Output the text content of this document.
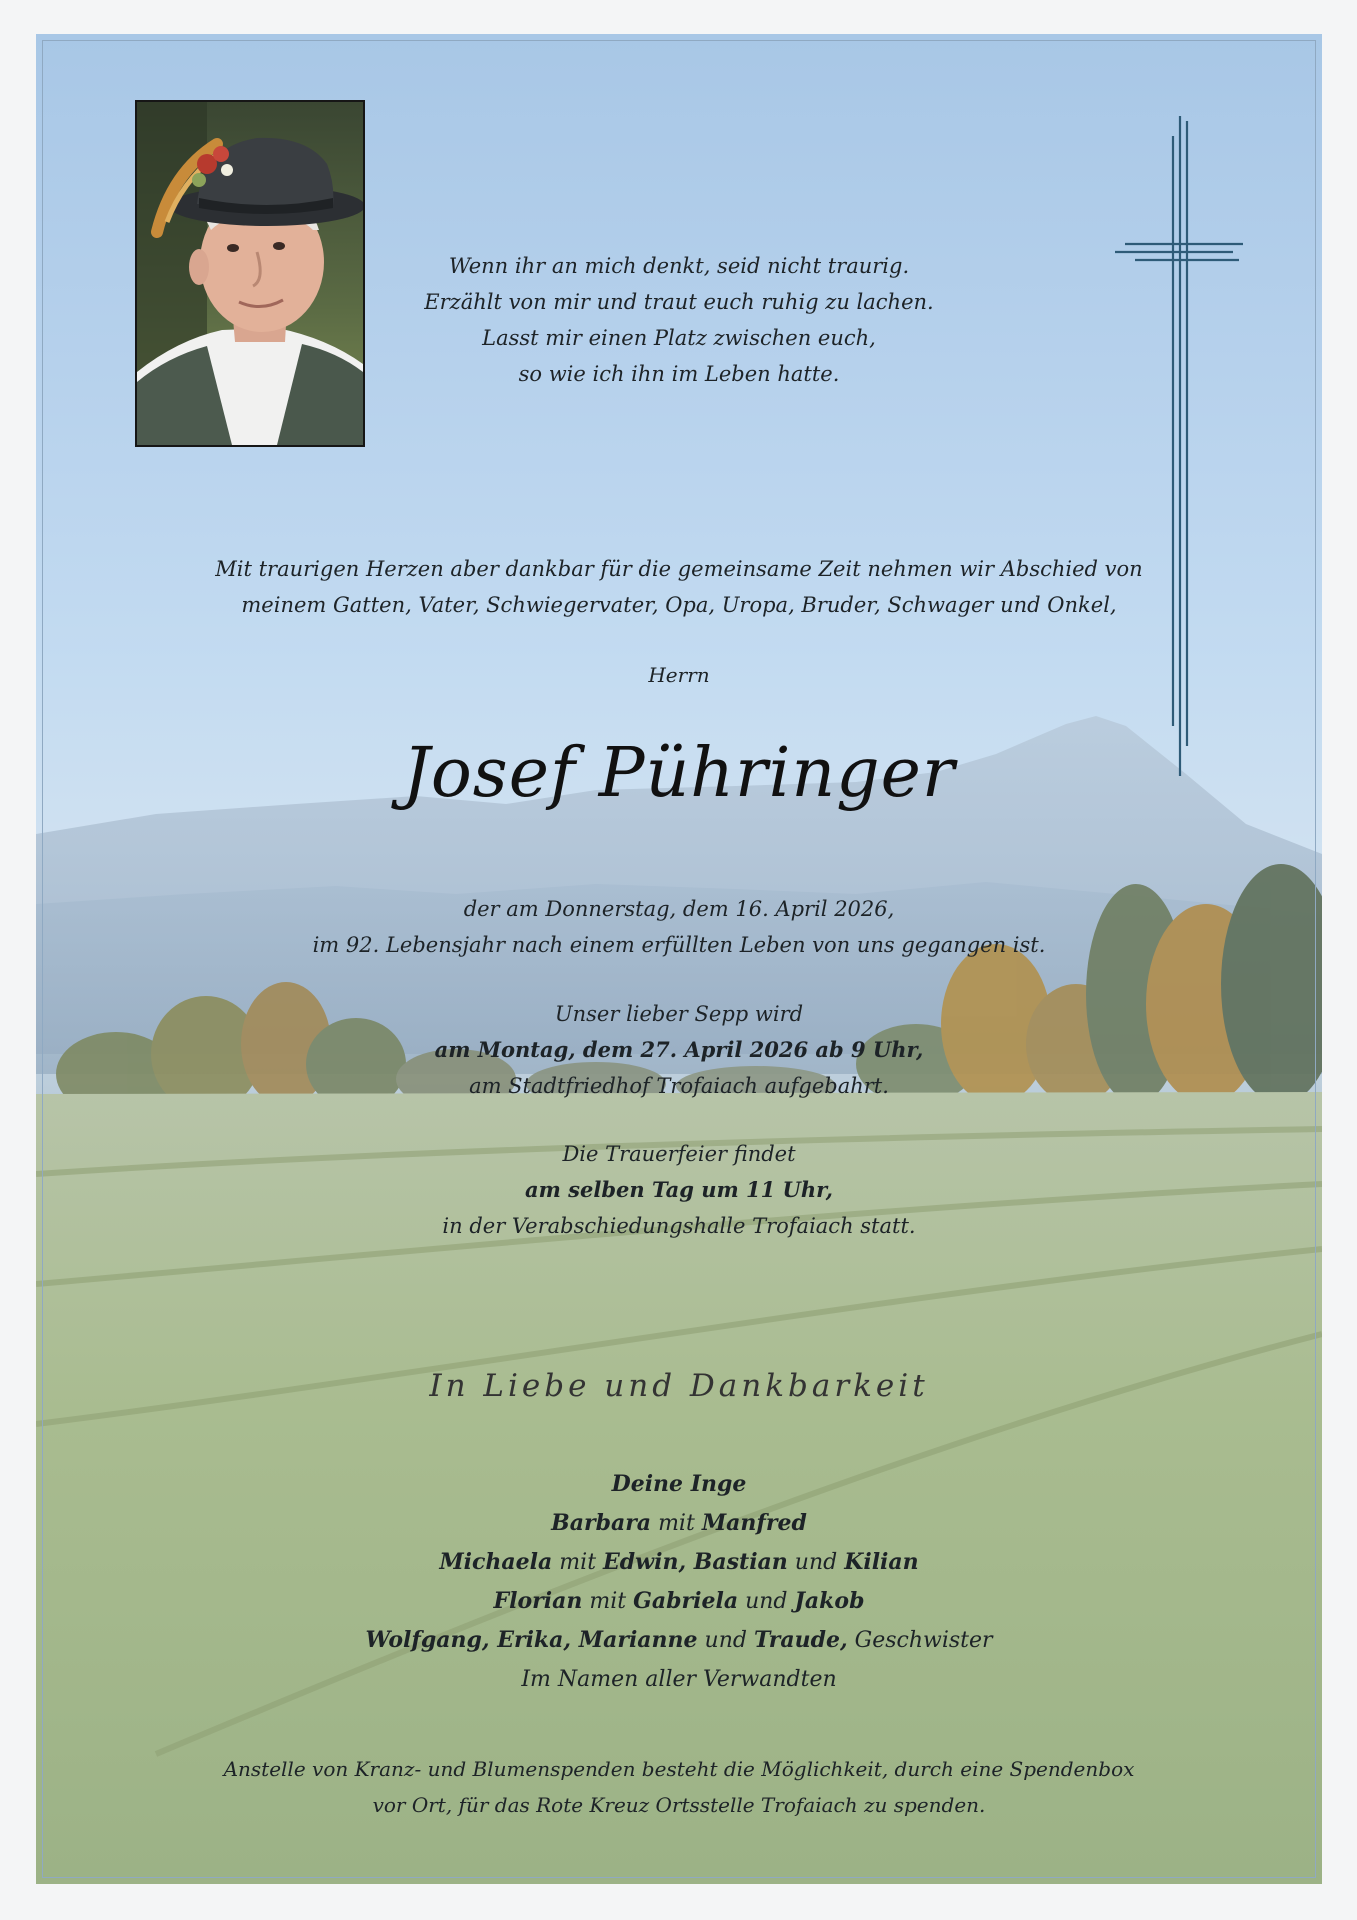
Wenn ihr an mich denkt, seid nicht traurig.
Erzählt von mir und traut euch ruhig zu lachen.
Lasst mir einen Platz zwischen euch,
so wie ich ihn im Leben hatte.
Mit traurigen Herzen aber dankbar für die gemeinsame Zeit nehmen wir Abschied von
meinem Gatten, Vater, Schwiegervater, Opa, Uropa, Bruder, Schwager und Onkel,
Herrn
Josef Pühringer
der am Donnerstag, dem 16. April 2026,
im 92. Lebensjahr nach einem erfüllten Leben von uns gegangen ist.
Unser lieber Sepp wird
am Montag, dem 27. April 2026 ab 9 Uhr,
am Stadtfriedhof Trofaiach aufgebahrt.
Die Trauerfeier findet
am selben Tag um 11 Uhr,
in der Verabschiedungshalle Trofaiach statt.
In Liebe und Dankbarkeit
Deine Inge
Barbara mit Manfred
Michaela mit Edwin, Bastian und Kilian
Florian mit Gabriela und Jakob
Wolfgang, Erika, Marianne und Traude, Geschwister
Im Namen aller Verwandten
Anstelle von Kranz- und Blumenspenden besteht die Möglichkeit, durch eine Spendenbox
vor Ort, für das Rote Kreuz Ortsstelle Trofaiach zu spenden.
